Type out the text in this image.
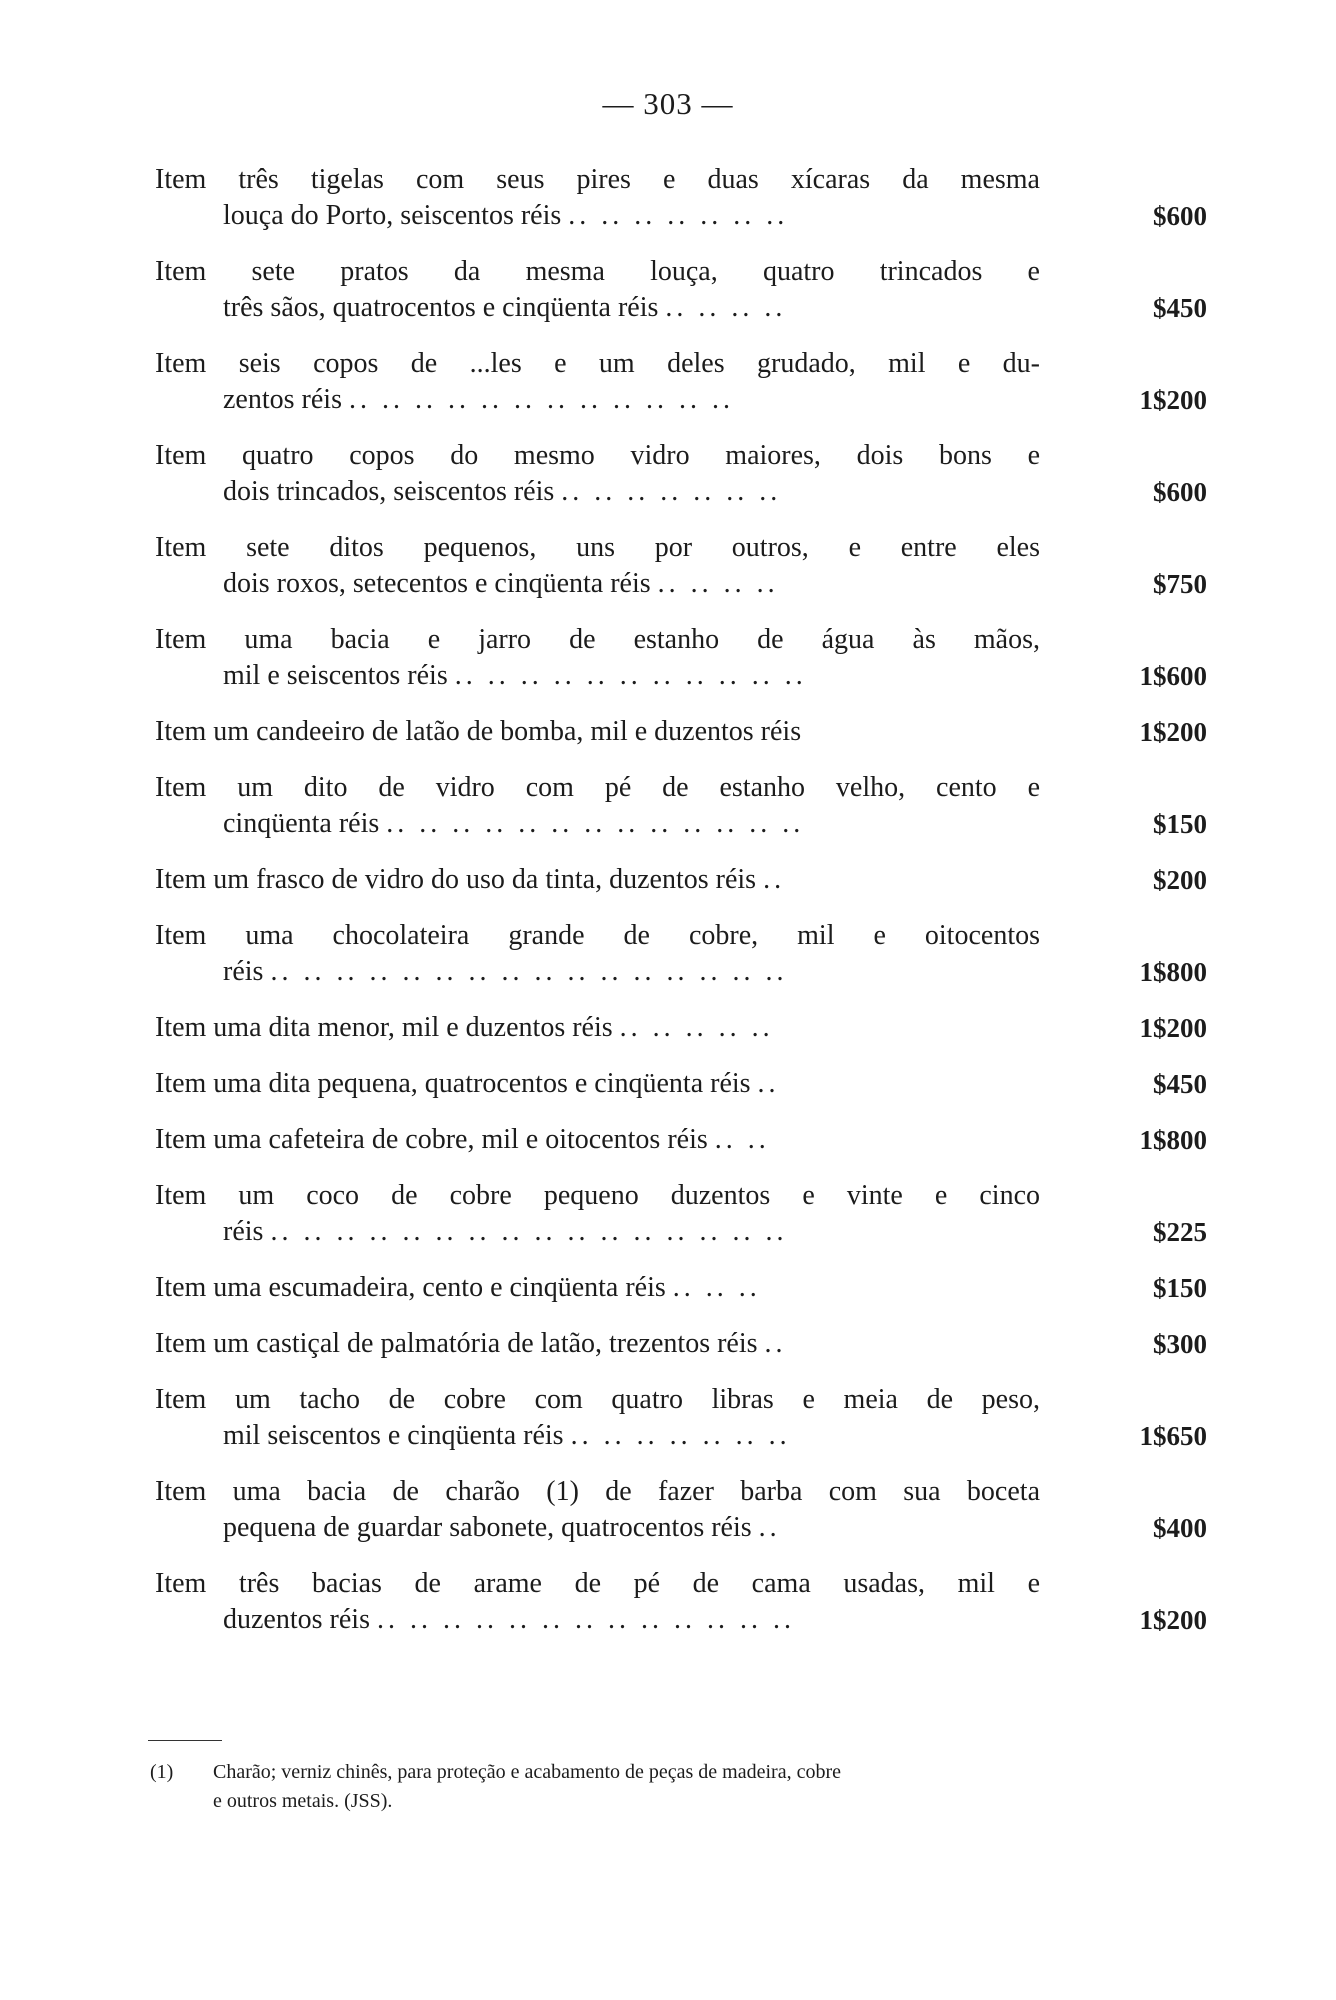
— 303 —
Item três tigelas com seus pires e duas xícaras da mesma
louça do Porto, seiscentos réis .. .. .. .. .. .. ..	$600
Item sete pratos da mesma louça, quatro trincados e
três sãos, quatrocentos e cinqüenta réis .. .. .. ..	$450
Item seis copos de ...les e um deles grudado, mil e du-
zentos réis .. .. .. .. .. .. .. .. .. .. .. ..	1$200
Item quatro copos do mesmo vidro maiores, dois bons e
dois trincados, seiscentos réis .. .. .. .. .. .. ..	$600
Item sete ditos pequenos, uns por outros, e entre eles
dois roxos, setecentos e cinqüenta réis .. .. .. ..	$750
Item uma bacia e jarro de estanho de água às mãos,
mil e seiscentos réis .. .. .. .. .. .. .. .. .. .. ..	1$600
Item um candeeiro de latão de bomba, mil e duzentos réis	1$200
Item um dito de vidro com pé de estanho velho, cento e
cinqüenta réis .. .. .. .. .. .. .. .. .. .. .. .. ..	$150
Item um frasco de vidro do uso da tinta, duzentos réis ..	$200
Item uma chocolateira grande de cobre, mil e oitocentos
réis .. .. .. .. .. .. .. .. .. .. .. .. .. .. .. ..	1$800
Item uma dita menor, mil e duzentos réis .. .. .. .. ..	1$200
Item uma dita pequena, quatrocentos e cinqüenta réis ..	$450
Item uma cafeteira de cobre, mil e oitocentos réis .. ..	1$800
Item um coco de cobre pequeno duzentos e vinte e cinco
réis .. .. .. .. .. .. .. .. .. .. .. .. .. .. .. ..	$225
Item uma escumadeira, cento e cinqüenta réis .. .. ..	$150
Item um castiçal de palmatória de latão, trezentos réis ..	$300
Item um tacho de cobre com quatro libras e meia de peso,
mil seiscentos e cinqüenta réis .. .. .. .. .. .. ..	1$650
Item uma bacia de charão (1) de fazer barba com sua boceta
pequena de guardar sabonete, quatrocentos réis ..	$400
Item três bacias de arame de pé de cama usadas, mil e
duzentos réis .. .. .. .. .. .. .. .. .. .. .. .. ..	1$200
(1) Charão; verniz chinês, para proteção e acabamento de peças de madeira, cobre
e outros metais. (JSS).
